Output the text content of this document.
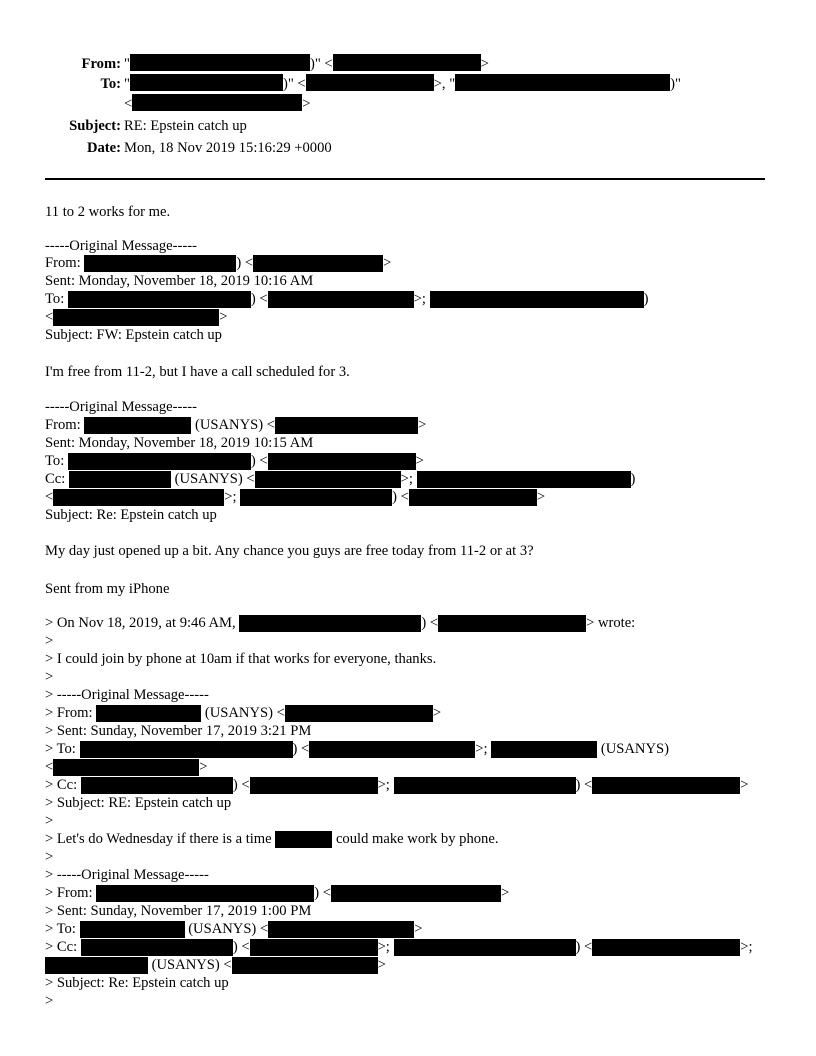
From: "	)" <	>
To: "	)" <	>, "	)"
<	>
Subject: RE: Epstein catch up
Date: Mon, 18 Nov 2019 15:16:29 +0000
11 to 2 works for me.
-----Original Message-----
From:	) <	>
Sent: Monday, November 18, 2019 10:16 AM
To:	) <	>;	)
<	>
Subject: FW: Epstein catch up
I'm free from 11-2, but I have a call scheduled for 3.
-----Original Message-----
From:	(USANYS) <	>
Sent: Monday, November 18, 2019 10:15 AM
To:	) <	>
Cc:	(USANYS) <	>;	)
<	>;	) <	>
Subject: Re: Epstein catch up
My day just opened up a bit. Any chance you guys are free today from 11-2 or at 3?
Sent from my iPhone
> On Nov 18, 2019, at 9:46 AM,	) <	> wrote:
>
> I could join by phone at 10am if that works for everyone, thanks.
>
> -----Original Message-----
> From:	(USANYS) <	>
> Sent: Sunday, November 17, 2019 3:21 PM
> To:	) <	>;	(USANYS)
<	>
> Cc:	) <	>;	) <	>
> Subject: RE: Epstein catch up
>
> Let's do Wednesday if there is a time	could make work by phone.
>
> -----Original Message-----
> From:	) <	>
> Sent: Sunday, November 17, 2019 1:00 PM
> To:	(USANYS) <	>
> Cc:	) <	>;	) <	>;
(USANYS) <	>
> Subject: Re: Epstein catch up
>
